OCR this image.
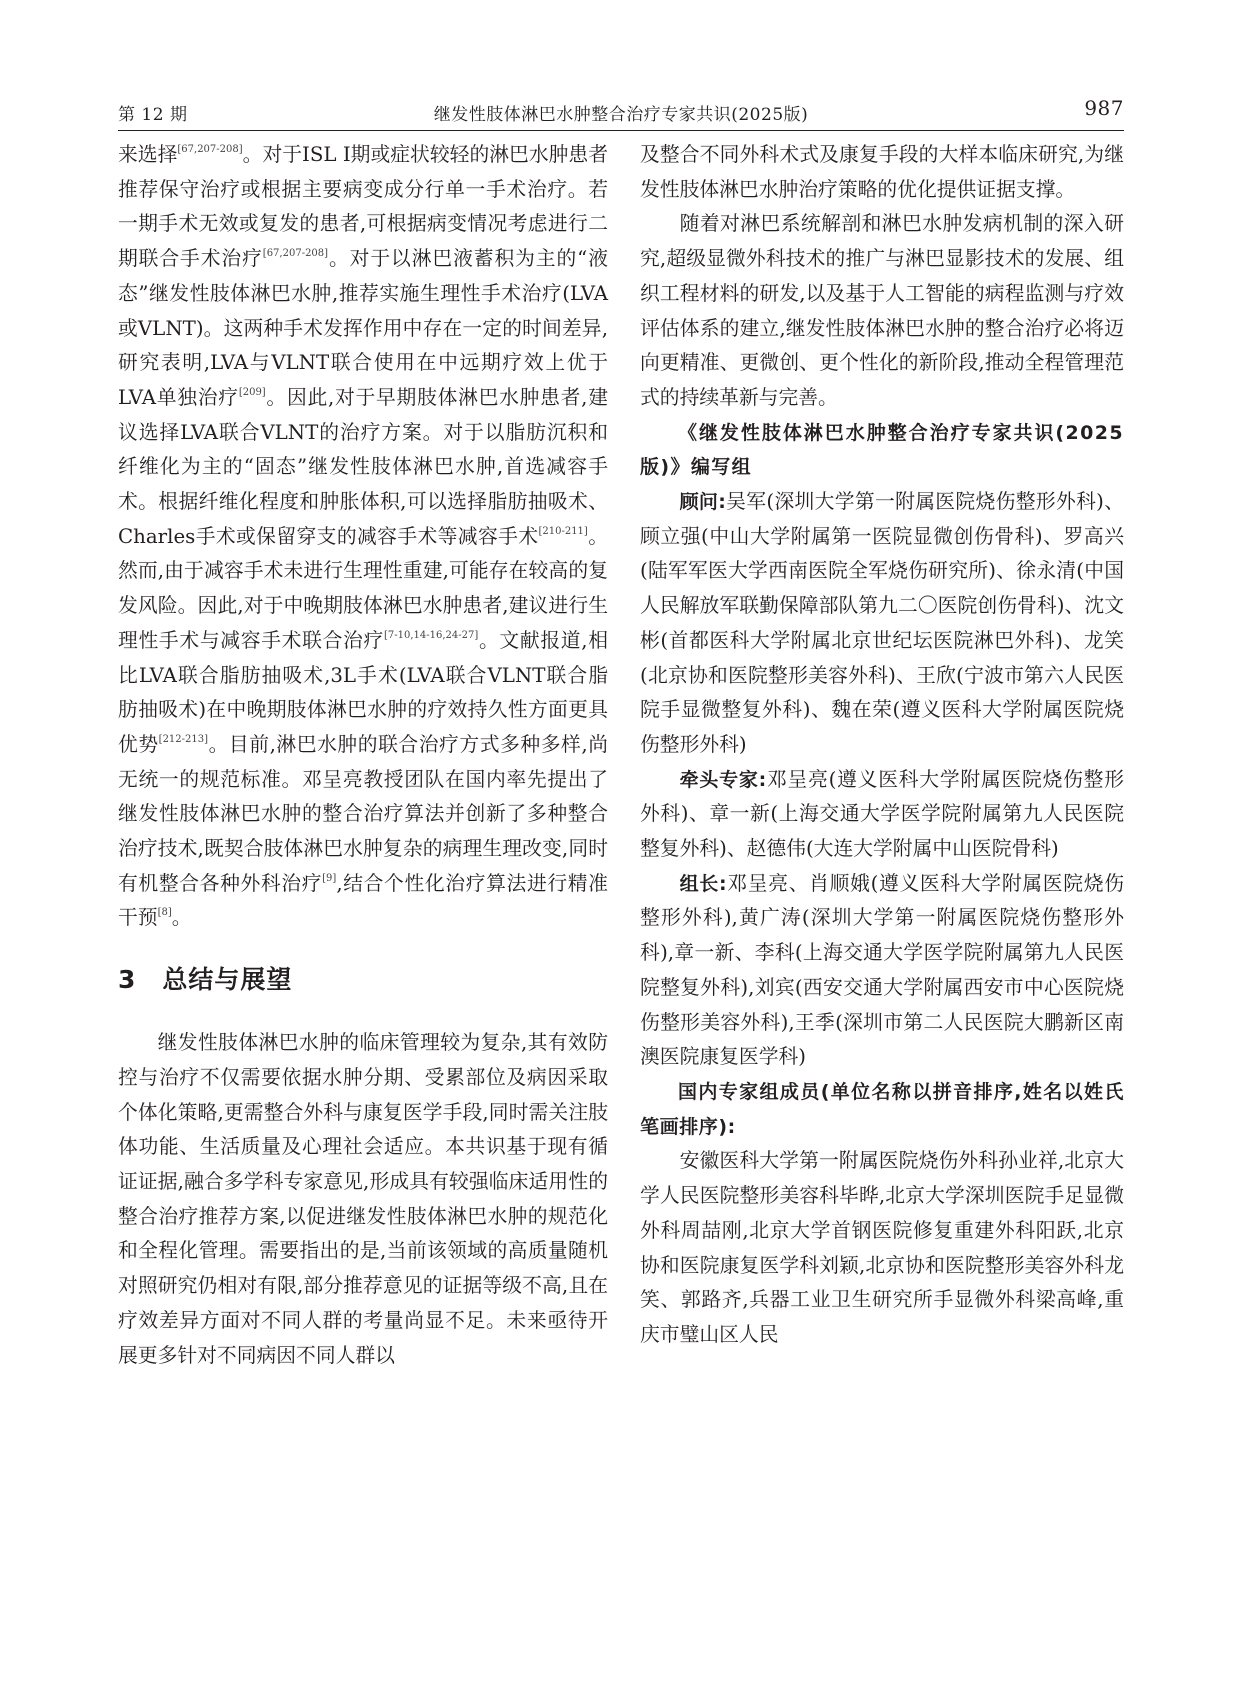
第 12 期	继发性肢体淋巴水肿整合治疗专家共识(2025版)	987

来选择[67,207-208]。对于ISL Ⅰ期或症状较轻的淋巴水肿患者推荐保守治疗或根据主要病变成分行单一手术治疗。若一期手术无效或复发的患者,可根据病变情况考虑进行二期联合手术治疗[67,207-208]。对于以淋巴液蓄积为主的“液态”继发性肢体淋巴水肿,推荐实施生理性手术治疗(LVA或VLNT)。这两种手术发挥作用中存在一定的时间差异,研究表明,LVA与VLNT联合使用在中远期疗效上优于LVA单独治疗[209]。因此,对于早期肢体淋巴水肿患者,建议选择LVA联合VLNT的治疗方案。对于以脂肪沉积和纤维化为主的“固态”继发性肢体淋巴水肿,首选减容手术。根据纤维化程度和肿胀体积,可以选择脂肪抽吸术、Charles手术或保留穿支的减容手术等减容手术[210-211]。然而,由于减容手术未进行生理性重建,可能存在较高的复发风险。因此,对于中晚期肢体淋巴水肿患者,建议进行生理性手术与减容手术联合治疗[7-10,14-16,24-27]。文献报道,相比LVA联合脂肪抽吸术,3L手术(LVA联合VLNT联合脂肪抽吸术)在中晚期肢体淋巴水肿的疗效持久性方面更具优势[212-213]。目前,淋巴水肿的联合治疗方式多种多样,尚无统一的规范标准。邓呈亮教授团队在国内率先提出了继发性肢体淋巴水肿的整合治疗算法并创新了多种整合治疗技术,既契合肢体淋巴水肿复杂的病理生理改变,同时有机整合各种外科治疗[9],结合个性化治疗算法进行精准干预[8]。

3 总结与展望

继发性肢体淋巴水肿的临床管理较为复杂,其有效防控与治疗不仅需要依据水肿分期、受累部位及病因采取个体化策略,更需整合外科与康复医学手段,同时需关注肢体功能、生活质量及心理社会适应。本共识基于现有循证证据,融合多学科专家意见,形成具有较强临床适用性的整合治疗推荐方案,以促进继发性肢体淋巴水肿的规范化和全程化管理。需要指出的是,当前该领域的高质量随机对照研究仍相对有限,部分推荐意见的证据等级不高,且在疗效差异方面对不同人群的考量尚显不足。未来亟待开展更多针对不同病因不同人群以

及整合不同外科术式及康复手段的大样本临床研究,为继发性肢体淋巴水肿治疗策略的优化提供证据支撑。

随着对淋巴系统解剖和淋巴水肿发病机制的深入研究,超级显微外科技术的推广与淋巴显影技术的发展、组织工程材料的研发,以及基于人工智能的病程监测与疗效评估体系的建立,继发性肢体淋巴水肿的整合治疗必将迈向更精准、更微创、更个性化的新阶段,推动全程管理范式的持续革新与完善。

《继发性肢体淋巴水肿整合治疗专家共识(2025版)》编写组

顾问:吴军(深圳大学第一附属医院烧伤整形外科)、顾立强(中山大学附属第一医院显微创伤骨科)、罗高兴(陆军军医大学西南医院全军烧伤研究所)、徐永清(中国人民解放军联勤保障部队第九二〇医院创伤骨科)、沈文彬(首都医科大学附属北京世纪坛医院淋巴外科)、龙笑(北京协和医院整形美容外科)、王欣(宁波市第六人民医院手显微整复外科)、魏在荣(遵义医科大学附属医院烧伤整形外科)

牵头专家:邓呈亮(遵义医科大学附属医院烧伤整形外科)、章一新(上海交通大学医学院附属第九人民医院整复外科)、赵德伟(大连大学附属中山医院骨科)

组长:邓呈亮、肖顺娥(遵义医科大学附属医院烧伤整形外科),黄广涛(深圳大学第一附属医院烧伤整形外科),章一新、李科(上海交通大学医学院附属第九人民医院整复外科),刘宾(西安交通大学附属西安市中心医院烧伤整形美容外科),王季(深圳市第二人民医院大鹏新区南澳医院康复医学科)

国内专家组成员(单位名称以拼音排序,姓名以姓氏笔画排序):

安徽医科大学第一附属医院烧伤外科孙业祥,北京大学人民医院整形美容科毕晔,北京大学深圳医院手足显微外科周喆刚,北京大学首钢医院修复重建外科阳跃,北京协和医院康复医学科刘颖,北京协和医院整形美容外科龙笑、郭路齐,兵器工业卫生研究所手显微外科梁高峰,重庆市璧山区人民
